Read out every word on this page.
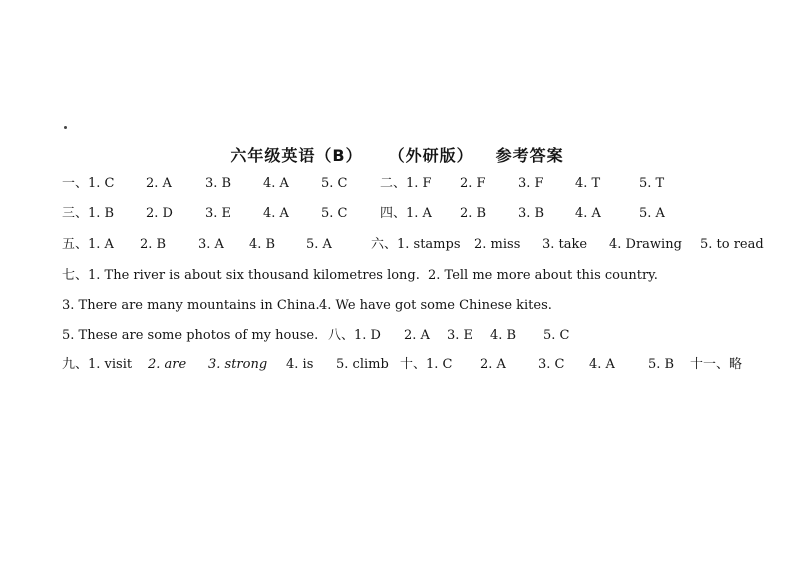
六年级英语（B） （外研版） 参考答案
一、1. C 2. A	3. B 4. A 5. C	二、1. F 2. F 3. F 4. T	5. T
三、1. B 2. D 3. E 4. A 5. C	四、1. A 2. B 3. B 4. A	5. A
五、1. A 2. B 3. A 4. B 5. A	六、1. stamps 2. miss 3. take 4. Drawing 5. to read
七、1. The river is about six thousand kilometres long. 2. Tell me more about this country.
3. There are many mountains in China. 4. We have got some Chinese kites.
5. These are some photos of my house. 八、1. D 2. A 3. E 4. B 5. C
九、1. visit 2. are 3. strong 4. is 5. climb 十、1. C 2. A 3. C 4. A	5. B 十一、略
